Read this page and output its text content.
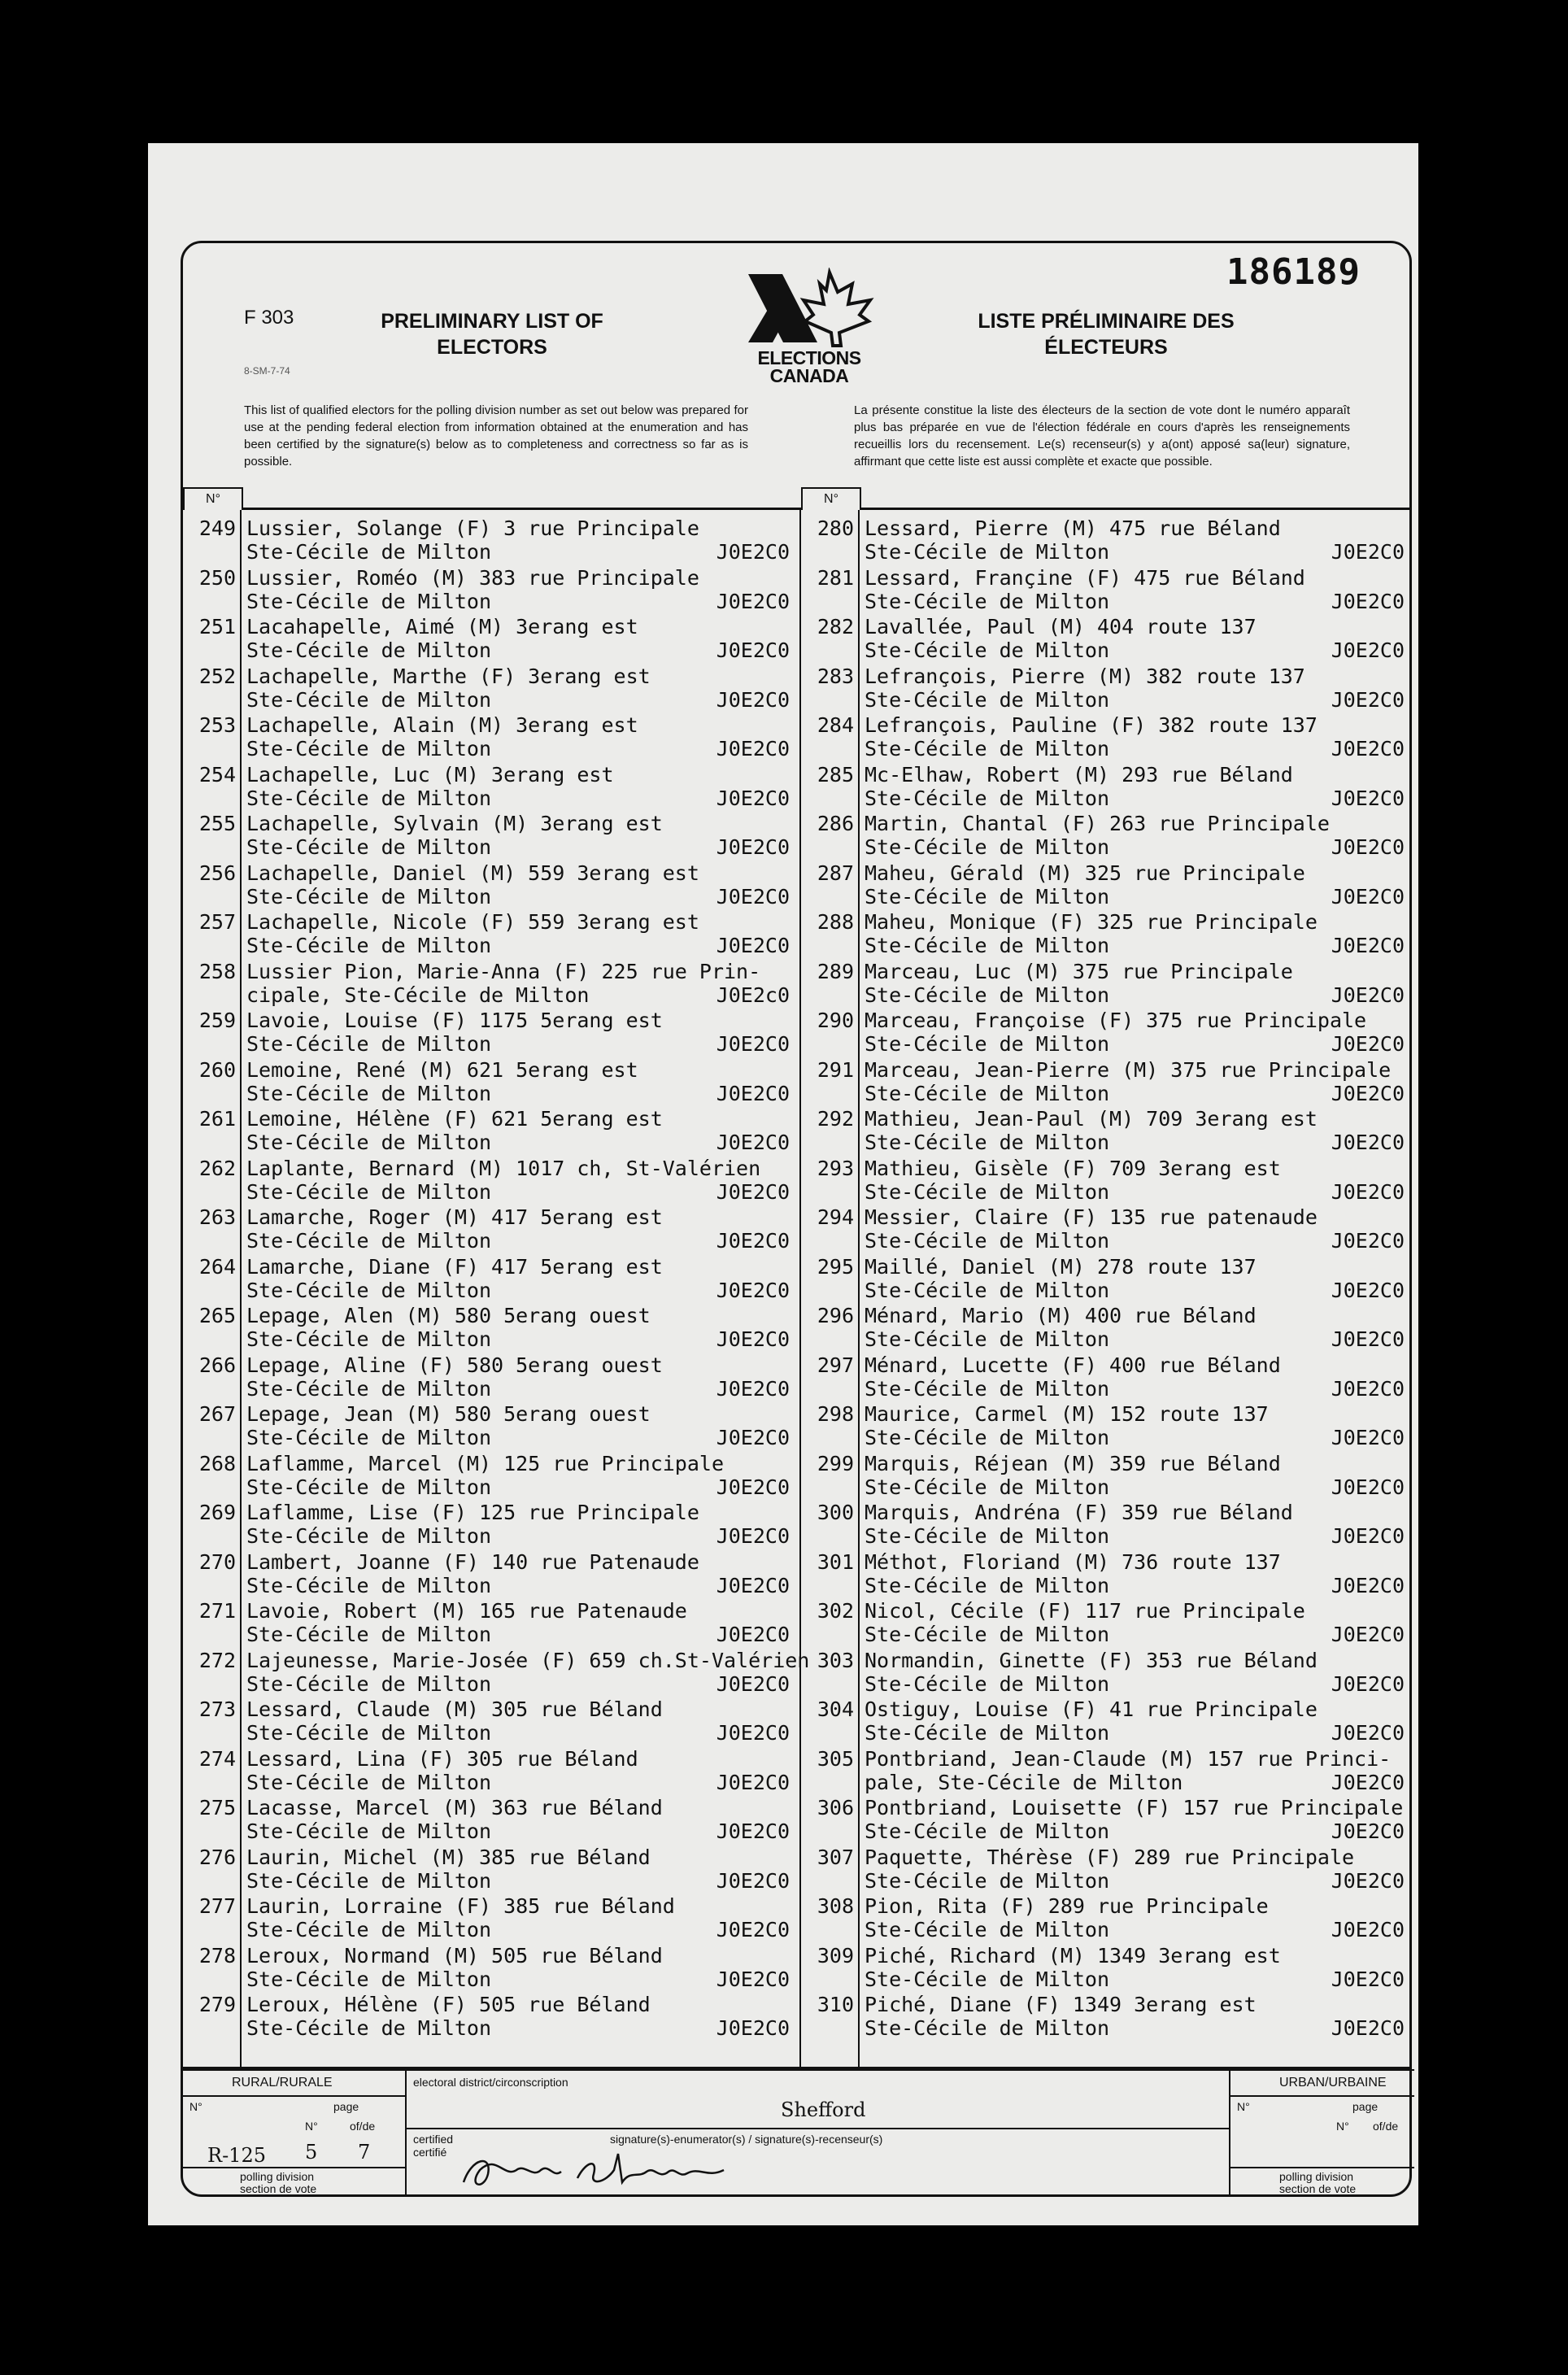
186189
F 303
8-SM-7-74
PRELIMINARY LIST OF
ELECTORS	ELECTIONS
CANADA
LISTE PRÉLIMINAIRE DES
ÉLECTEURS
This list of qualified electors for the polling division number as set out below was prepared for use at the pending federal election from information obtained at the enumeration and has been certified by the signature(s) below as to completeness and correctness so far as is possible.
La présente constitue la liste des électeurs de la section de vote dont le numéro apparaît plus bas préparée en vue de l'élection fédérale en cours d'après les renseignements recueillis lors du recensement. Le(s) recenseur(s) y a(ont) apposé sa(leur) signature, affirmant que cette liste est aussi complète et exacte que possible.
N°
249 Lussier, Solange (F) 3 rue Principale
Ste-Cécile de Milton	J0E2C0
250 Lussier, Roméo (M) 383 rue Principale
Ste-Cécile de Milton	J0E2C0
251 Lacahapelle, Aimé (M) 3erang est
Ste-Cécile de Milton	J0E2C0
252 Lachapelle, Marthe (F) 3erang est
Ste-Cécile de Milton	J0E2C0
253 Lachapelle, Alain (M) 3erang est
Ste-Cécile de Milton	J0E2C0
254 Lachapelle, Luc (M) 3erang est
Ste-Cécile de Milton	J0E2C0
255 Lachapelle, Sylvain (M) 3erang est
Ste-Cécile de Milton	J0E2C0
256 Lachapelle, Daniel (M) 559 3erang est
Ste-Cécile de Milton	J0E2C0
257 Lachapelle, Nicole (F) 559 3erang est
Ste-Cécile de Milton	J0E2C0
258 Lussier Pion, Marie-Anna (F) 225 rue Prin-
cipale, Ste-Cécile de Milton	J0E2c0
259 Lavoie, Louise (F) 1175 5erang est
Ste-Cécile de Milton	J0E2C0
260 Lemoine, René (M) 621 5erang est
Ste-Cécile de Milton	J0E2C0
261 Lemoine, Hélène (F) 621 5erang est
Ste-Cécile de Milton	J0E2C0
262 Laplante, Bernard (M) 1017 ch, St-Valérien
Ste-Cécile de Milton	J0E2C0
263 Lamarche, Roger (M) 417 5erang est
Ste-Cécile de Milton	J0E2C0
264 Lamarche, Diane (F) 417 5erang est
Ste-Cécile de Milton	J0E2C0
265 Lepage, Alen (M) 580 5erang ouest
Ste-Cécile de Milton	J0E2C0
266 Lepage, Aline (F) 580 5erang ouest
Ste-Cécile de Milton	J0E2C0
267 Lepage, Jean (M) 580 5erang ouest
Ste-Cécile de Milton	J0E2C0
268 Laflamme, Marcel (M) 125 rue Principale
Ste-Cécile de Milton	J0E2C0
269 Laflamme, Lise (F) 125 rue Principale
Ste-Cécile de Milton	J0E2C0
270 Lambert, Joanne (F) 140 rue Patenaude
Ste-Cécile de Milton	J0E2C0
271 Lavoie, Robert (M) 165 rue Patenaude
Ste-Cécile de Milton	J0E2C0
272 Lajeunesse, Marie-Josée (F) 659 ch.St-Valérien
Ste-Cécile de Milton	J0E2C0
273 Lessard, Claude (M) 305 rue Béland
Ste-Cécile de Milton	J0E2C0
274 Lessard, Lina (F) 305 rue Béland
Ste-Cécile de Milton	J0E2C0
275 Lacasse, Marcel (M) 363 rue Béland
Ste-Cécile de Milton	J0E2C0
276 Laurin, Michel (M) 385 rue Béland
Ste-Cécile de Milton	J0E2C0
277 Laurin, Lorraine (F) 385 rue Béland
Ste-Cécile de Milton	J0E2C0
278 Leroux, Normand (M) 505 rue Béland
Ste-Cécile de Milton	J0E2C0
279 Leroux, Hélène (F) 505 rue Béland
Ste-Cécile de Milton	J0E2C0
N°
280 Lessard, Pierre (M) 475 rue Béland
Ste-Cécile de Milton	J0E2C0
281 Lessard, Françine (F) 475 rue Béland
Ste-Cécile de Milton	J0E2C0
282 Lavallée, Paul (M) 404 route 137
Ste-Cécile de Milton	J0E2C0
283 Lefrançois, Pierre (M) 382 route 137
Ste-Cécile de Milton	J0E2C0
284 Lefrançois, Pauline (F) 382 route 137
Ste-Cécile de Milton	J0E2C0
285 Mc-Elhaw, Robert (M) 293 rue Béland
Ste-Cécile de Milton	J0E2C0
286 Martin, Chantal (F) 263 rue Principale
Ste-Cécile de Milton	J0E2C0
287 Maheu, Gérald (M) 325 rue Principale
Ste-Cécile de Milton	J0E2C0
288 Maheu, Monique (F) 325 rue Principale
Ste-Cécile de Milton	J0E2C0
289 Marceau, Luc (M) 375 rue Principale
Ste-Cécile de Milton	J0E2C0
290 Marceau, Françoise (F) 375 rue Principale
Ste-Cécile de Milton	J0E2C0
291 Marceau, Jean-Pierre (M) 375 rue Principale
Ste-Cécile de Milton	J0E2C0
292 Mathieu, Jean-Paul (M) 709 3erang est
Ste-Cécile de Milton	J0E2C0
293 Mathieu, Gisèle (F) 709 3erang est
Ste-Cécile de Milton	J0E2C0
294 Messier, Claire (F) 135 rue patenaude
Ste-Cécile de Milton	J0E2C0
295 Maillé, Daniel (M) 278 route 137
Ste-Cécile de Milton	J0E2C0
296 Ménard, Mario (M) 400 rue Béland
Ste-Cécile de Milton	J0E2C0
297 Ménard, Lucette (F) 400 rue Béland
Ste-Cécile de Milton	J0E2C0
298 Maurice, Carmel (M) 152 route 137
Ste-Cécile de Milton	J0E2C0
299 Marquis, Réjean (M) 359 rue Béland
Ste-Cécile de Milton	J0E2C0
300 Marquis, Andréna (F) 359 rue Béland
Ste-Cécile de Milton	J0E2C0
301 Méthot, Floriand (M) 736 route 137
Ste-Cécile de Milton	J0E2C0
302 Nicol, Cécile (F) 117 rue Principale
Ste-Cécile de Milton	J0E2C0
303 Normandin, Ginette (F) 353 rue Béland
Ste-Cécile de Milton	J0E2C0
304 Ostiguy, Louise (F) 41 rue Principale
Ste-Cécile de Milton	J0E2C0
305 Pontbriand, Jean-Claude (M) 157 rue Princi-
pale, Ste-Cécile de Milton	J0E2C0
306 Pontbriand, Louisette (F) 157 rue Principale
Ste-Cécile de Milton	J0E2C0
307 Paquette, Thérèse (F) 289 rue Principale
Ste-Cécile de Milton	J0E2C0
308 Pion, Rita (F) 289 rue Principale
Ste-Cécile de Milton	J0E2C0
309 Piché, Richard (M) 1349 3erang est
Ste-Cécile de Milton	J0E2C0
310 Piché, Diane (F) 1349 3erang est
Ste-Cécile de Milton	J0E2C0
RURAL/RURALE
N°	page
N°	of/de
R-125 5 7
polling division
section de vote
electoral district/circonscription
Shefford
certified
certifié
signature(s)-enumerator(s) / signature(s)-recenseur(s)
URBAN/URBAINE
N°	page
N° of/de
polling division
section de vote
